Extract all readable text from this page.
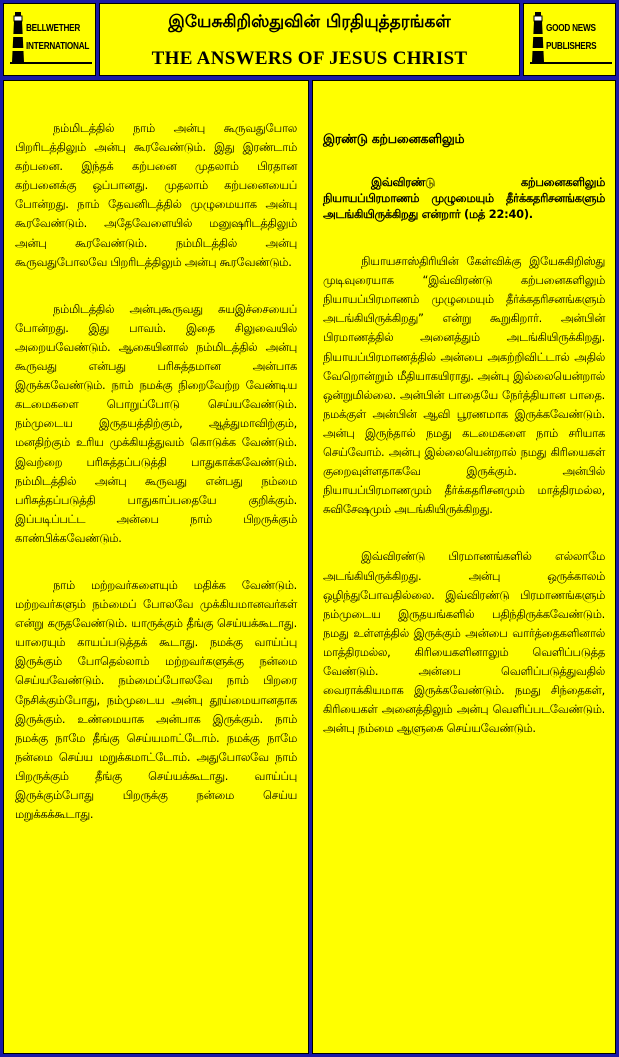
BELLWETHER
INTERNATIONAL
இயேசுகிறிஸ்துவின் பிரதியுத்தரங்கள்
THE ANSWERS OF JESUS CHRIST
GOOD NEWS
PUBLISHERS

நம்மிடத்தில் நாம் அன்பு கூருவதுபோல பிறரிடத்திலும் அன்பு கூரவேண்டும். இது இரண்டாம் கற்பனை. இந்தக் கற்பனை முதலாம் பிரதான கற்பனைக்கு ஒப்பானது. முதலாம் கற்பனையைப் போன்றது. நாம் தேவனிடத்தில் முழுமையாக அன்பு கூரவேண்டும். அதேவேளையில் மனுஷரிடத்திலும் அன்பு கூரவேண்டும். நம்மிடத்தில் அன்பு கூருவதுபோலவே பிறரிடத்திலும் அன்பு கூரவேண்டும்.

நம்மிடத்தில் அன்புகூருவது சுயஇச்சையைப் போன்றது. இது பாவம். இதை சிலுவையில் அறையவேண்டும். ஆகையினால் நம்மிடத்தில் அன்பு கூருவது என்பது பரிசுத்தமான அன்பாக இருக்கவேண்டும். நாம் நமக்கு நிறைவேற்ற வேண்டிய கடமைகளை பொறுப்போடு செய்யவேண்டும். நம்முடைய இருதயத்திற்கும், ஆத்துமாவிற்கும், மனதிற்கும் உரிய முக்கியத்துவம் கொடுக்க வேண்டும். இவற்றை பரிசுத்தப்படுத்தி பாதுகாக்கவேண்டும். நம்மிடத்தில் அன்பு கூருவது என்பது நம்மை பரிசுத்தப்படுத்தி பாதுகாப்பதையே குறிக்கும். இப்படிப்பட்ட அன்பை நாம் பிறருக்கும் காண்பிக்கவேண்டும்.

நாம் மற்றவர்களையும் மதிக்க வேண்டும். மற்றவர்களும் நம்மைப் போலவே முக்கியமானவர்கள் என்று கருதவேண்டும். யாருக்கும் தீங்கு செய்யக்கூடாது. யாரையும் காயப்படுத்தக் கூடாது. நமக்கு வாய்ப்பு இருக்கும் போதெல்லாம் மற்றவர்களுக்கு நன்மை செய்யவேண்டும். நம்மைப்போலவே நாம் பிறரை நேசிக்கும்போது, நம்முடைய அன்பு தூய்மையானதாக இருக்கும். உண்மையாக அன்பாக இருக்கும். நாம் நமக்கு நாமே தீங்கு செய்யமாட்டோம். நமக்கு நாமே நன்மை செய்ய மறுக்கமாட்டோம். அதுபோலவே நாம் பிறருக்கும் தீங்கு செய்யக்கூடாது. வாய்ப்பு இருக்கும்போது பிறருக்கு நன்மை செய்ய மறுக்கக்கூடாது.

இரண்டு கற்பனைகளிலும்

இவ்விரண்டு கற்பனைகளிலும் நியாயப்பிரமாணம் முழுமையும் தீர்க்கதரிசனங்களும் அடங்கியிருக்கிறது என்றார் (மத் 22:40).

நியாயசாஸ்திரியின் கேள்விக்கு இயேசுகிறிஸ்து முடிவுரையாக “இவ்விரண்டு கற்பனைகளிலும் நியாயப்பிரமாணம் முழுமையும் தீர்க்கதரிசனங்களும் அடங்கியிருக்கிறது” என்று கூறுகிறார். அன்பின் பிரமாணத்தில் அனைத்தும் அடங்கியிருக்கிறது. நியாயப்பிரமாணத்தில் அன்பை அகற்றிவிட்டால் அதில் வேறொன்றும் மீதியாகயிராது. அன்பு இல்லையென்றால் ஒன்றுமில்லை. அன்பின் பாதையே நேர்த்தியான பாதை. நமக்குள் அன்பின் ஆவி பூரணமாக இருக்கவேண்டும். அன்பு இருந்தால் நமது கடமைகளை நாம் சரியாக செய்வோம். அன்பு இல்லையென்றால் நமது கிரியைகள் குறைவுள்ளதாகவே இருக்கும். அன்பில் நியாயப்பிரமாணமும் தீர்க்கதரிசனமும் மாத்திரமல்ல, சுவிசேஷமும் அடங்கியிருக்கிறது.

இவ்விரண்டு பிரமாணங்களில் எல்லாமே அடங்கியிருக்கிறது. அன்பு ஒருக்காலம் ஒழிந்துபோவதில்லை. இவ்விரண்டு பிரமாணங்களும் நம்முடைய இருதயங்களில் பதிந்திருக்கவேண்டும். நமது உள்ளத்தில் இருக்கும் அன்பை வார்த்தைகளினால் மாத்திரமல்ல, கிரியைகளினாலும் வெளிப்படுத்த வேண்டும். அன்பை வெளிப்படுத்துவதில் வைராக்கியமாக இருக்கவேண்டும். நமது சிந்தைகள், கிரியைகள் அனைத்திலும் அன்பு வெளிப்படவேண்டும். அன்பு நம்மை ஆளுகை செய்யவேண்டும்.
